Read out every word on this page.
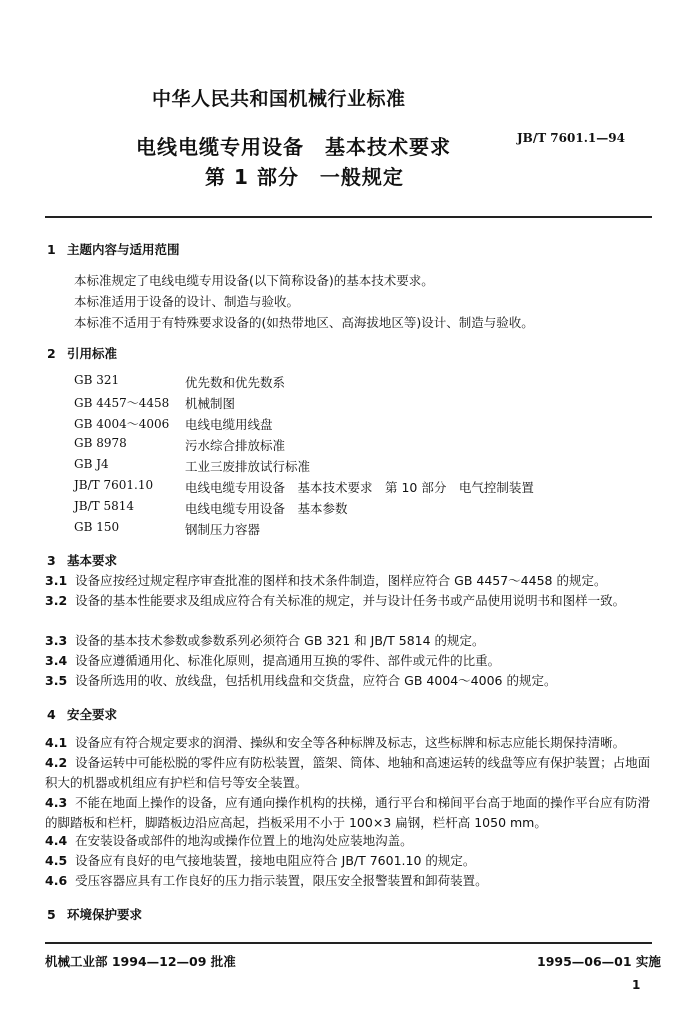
中华人民共和国机械行业标准
电线电缆专用设备　基本技术要求
第 1 部分　一般规定
JB/T 7601.1—94
1 主题内容与适用范围
本标准规定了电线电缆专用设备(以下简称设备)的基本技术要求。
本标准适用于设备的设计、制造与验收。
本标准不适用于有特殊要求设备的(如热带地区、高海拔地区等)设计、制造与验收。
2 引用标准
GB 321	优先数和优先数系
GB 4457～4458 机械制图
GB 4004～4006 电线电缆用线盘
GB 8978	污水综合排放标准
GB J4	工业三废排放试行标准
JB/T 7601.10	电线电缆专用设备　基本技术要求　第 10 部分　电气控制装置
JB/T 5814	电线电缆专用设备　基本参数
GB 150	钢制压力容器
3 基本要求
3.1 设备应按经过规定程序审查批准的图样和技术条件制造，图样应符合 GB 4457～4458 的规定。
3.2 设备的基本性能要求及组成应符合有关标准的规定，并与设计任务书或产品使用说明书和图样一致。
3.3 设备的基本技术参数或参数系列必须符合 GB 321 和 JB/T 5814 的规定。
3.4 设备应遵循通用化、标准化原则，提高通用互换的零件、部件或元件的比重。
3.5 设备所选用的收、放线盘，包括机用线盘和交货盘，应符合 GB 4004～4006 的规定。
4 安全要求
4.1 设备应有符合规定要求的润滑、操纵和安全等各种标牌及标志，这些标牌和标志应能长期保持清晰。
4.2 设备运转中可能松脱的零件应有防松装置，篮架、筒体、地轴和高速运转的线盘等应有保护装置；占地面积大的机器或机组应有护栏和信号等安全装置。
4.3 不能在地面上操作的设备，应有通向操作机构的扶梯，通行平台和梯间平台高于地面的操作平台应有防滑的脚踏板和栏杆，脚踏板边沿应高起，挡板采用不小于 100×3 扁钢，栏杆高 1050 mm。
4.4 在安装设备或部件的地沟或操作位置上的地沟处应装地沟盖。
4.5 设备应有良好的电气接地装置，接地电阻应符合 JB/T 7601.10 的规定。
4.6 受压容器应具有工作良好的压力指示装置，限压安全报警装置和卸荷装置。
5 环境保护要求
机械工业部 1994—12—09 批准	1995—06—01 实施
1
